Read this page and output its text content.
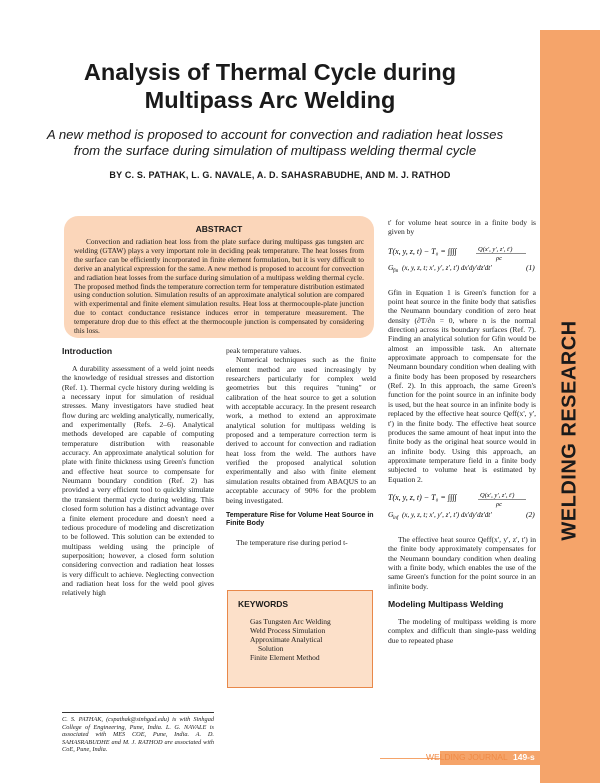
WELDING RESEARCH
Analysis of Thermal Cycle during
Multipass Arc Welding
A new method is proposed to account for convection and radiation heat losses
from the surface during simulation of multipass welding thermal cycle
BY C. S. PATHAK, L. G. NAVALE, A. D. SAHASRABUDHE, AND M. J. RATHOD
ABSTRACT

Convection and radiation heat loss from the plate surface during multipass gas tungsten arc welding (GTAW) plays a very important role in deciding peak temperature. The heat losses from the surface can be efficiently incorporated in finite element formulation, but it is very difficult to derive an analytical expression for the same. A new method is proposed to account for convection and radiation heat losses from the surface during simulation of a multipass welding thermal cycle. The proposed method finds the temperature correction term for temperature distribution estimated using conduction solution. Simulation results of an approximate analytical solution are compared with experimental and finite element simulation results. Heat loss at thermocouple-plate junction due to contact conductance resistance induces error in temperature measurement. The temperature drop due to this effect at the thermocouple junction is compensated by considering this loss.

Introduction

A durability assessment of a weld joint needs the knowledge of residual stresses and distortion (Ref. 1). Thermal cycle history during welding is a necessary input for simulation of residual stresses. Many investigators have studied heat flow during arc welding analytically, numerically, and experimentally (Refs. 2–6). Analytical methods developed are capable of computing temperature distribution with reasonable accuracy. An approximate analytical solution for plate with finite thickness using Green's function and effective heat source to compensate for Neumann boundary condition (Ref. 2) has provided a very efficient tool to quickly simulate the transient thermal cycle during welding. This closed form solution has a distinct advantage over a finite element procedure and doesn't need a tedious procedure of modeling and discretization to be followed. This solution can be extended to multipass welding using the principle of superposition; however, a closed form solution considering convection and radiation heat losses is very difficult to achieve. Neglecting convection and radiation heat loss for the weld pool gives relatively high

C. S. PATHAK, (cspathak@sinhgad.edu) is with Sinhgad College of Engineering, Pune, India. L. G. NAVALE is associated with MES COE, Pune, India. A. D. SAHASRABUDHE and M. J. RATHOD are associated with CoE, Pune, India.

peak temperature values.

Numerical techniques such as the finite element method are used increasingly by researchers particularly for complex weld geometries but this requires "tuning" or calibration of the heat source to get a solution with acceptable accuracy. In the present research work, a method to extend an approximate analytical solution for multipass welding is proposed and a temperature correction term is derived to account for convection and radiation heat loss from the weld. The authors have verified the proposed analytical solution experimentally and also with finite element simulation results obtained from ABAQUS to an acceptable accuracy of 90% for the problem being investigated.

Temperature Rise for Volume Heat Source in Finite Body

The temperature rise during period t-

KEYWORDS
Gas Tungsten Arc Welding
Weld Process Simulation
Approximate Analytical
Solution
Finite Element Method

t' for volume heat source in a finite body is given by

T(x, y, z, t) − T₀ = ∫∫∫∫	Q(x', y', z', t')
ρc
G fin (x, y, z, t; x', y', z', t') dx'dy'dz'dt'	(1)

Gfin in Equation 1 is Green's function for a point heat source in the finite body that satisfies the Neumann boundary condition of zero heat density (∂T/∂n = 0, where n is the normal direction) across its boundary surfaces (Ref. 7). Finding an analytical solution for Gfin would be almost an impossible task. An alternate approximate approach to compensate for the Neumann boundary condition when dealing with a finite body has been proposed by researchers (Ref. 2). In this approach, the same Green's function for the point source in an infinite body is used, but the heat source in an infinite body is replaced by the effective heat source Qeff(x', y', t') in the finite body. The effective heat source produces the same amount of heat input into the finite body as the original heat source would in an infinite body. Using this approach, an approximate temperature field in a finite body subjected to volume heat is estimated by Equation 2.

T(x, y, z, t) − T₀ = ∫∫∫∫	Q(x', y', z', t')
ρc
G inf (x, y, z, t; x', y', z', t') dx'dy'dz'dt'	(2)

The effective heat source Qeff(x', y', z', t') in the finite body approximately compensates for the Neumann boundary condition when dealing with a finite body, which enables the use of the same Green's function for the point source in an infinite body.

Modeling Multipass Welding

The modeling of multipass welding is more complex and difficult than single-pass welding due to repeated phase

WELDING JOURNAL 149-s
